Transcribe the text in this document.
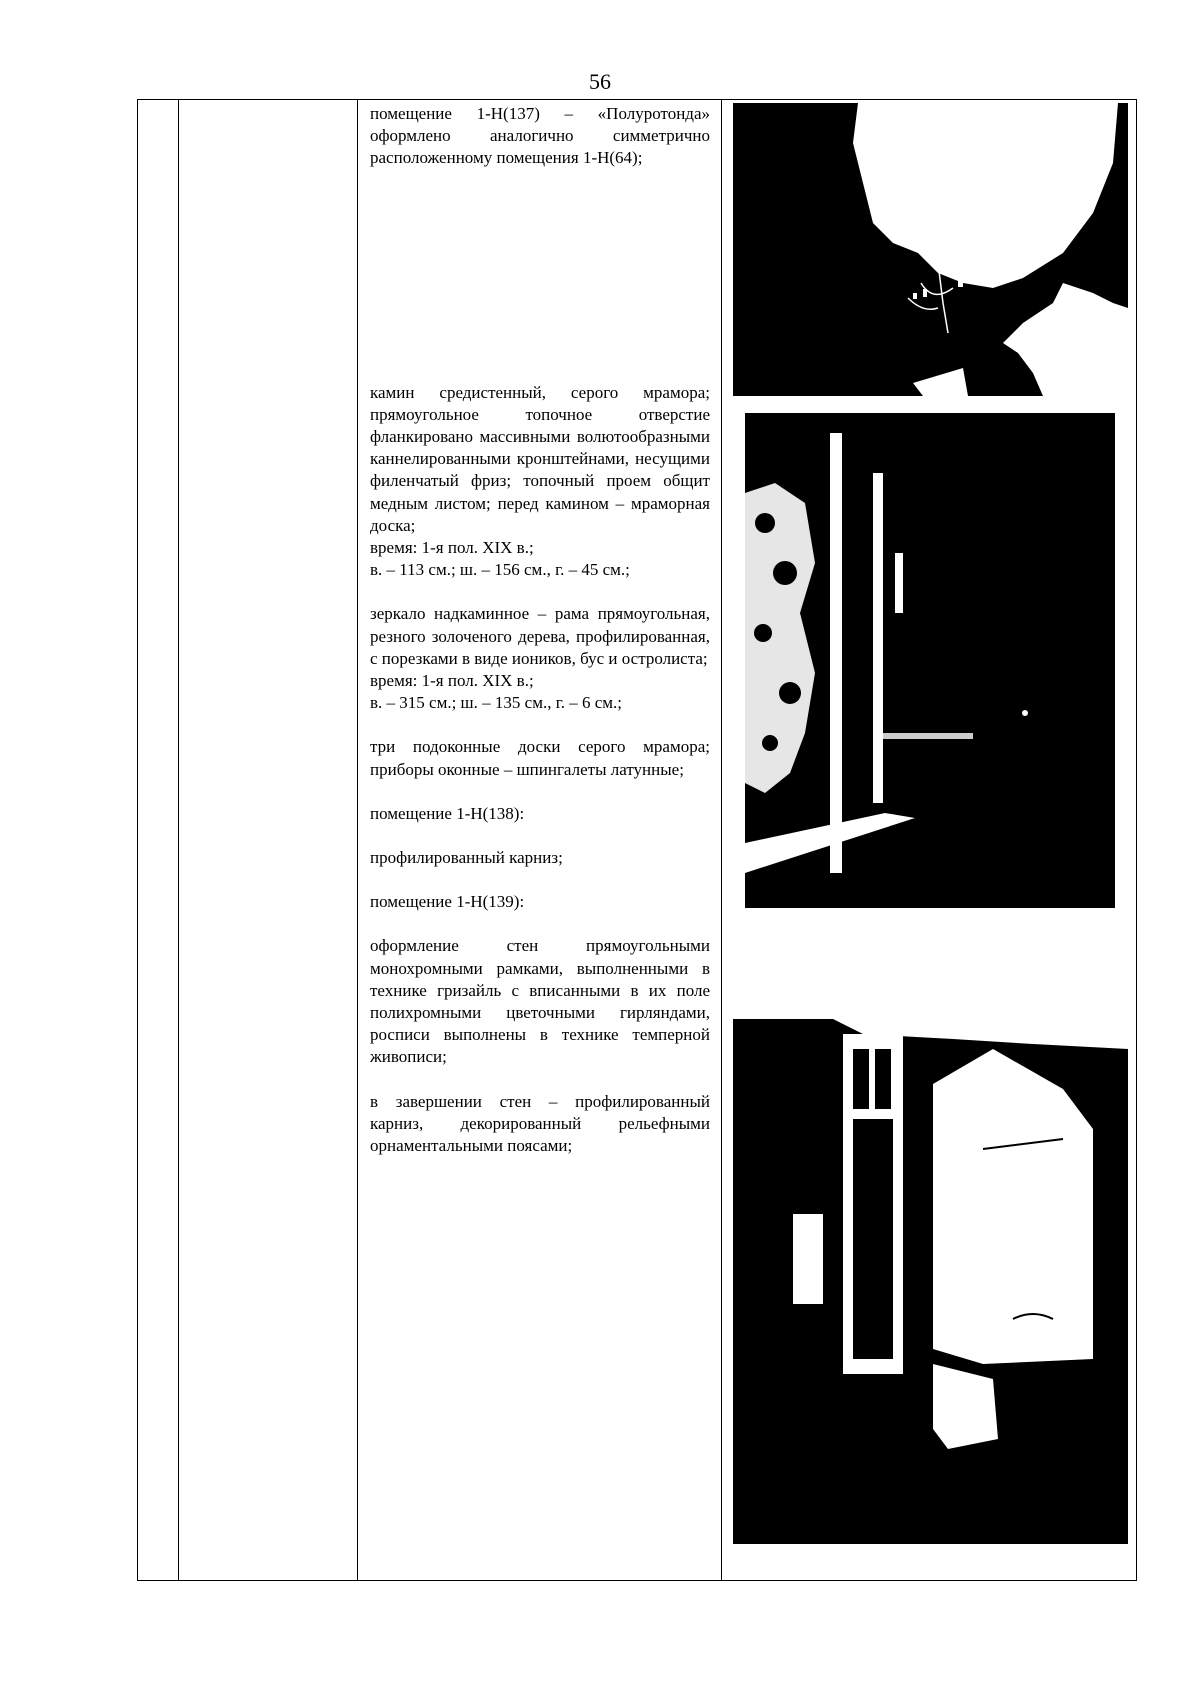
56

помещение 1-Н(137) – «Полуротонда» оформлено аналогично симметрично расположенному помещения 1-Н(64);

камин средистенный, серого мрамора; прямоугольное топочное отверстие фланкировано массивными волютообразными каннелированными кронштейнами, несущими филенчатый фриз; топочный проем общит медным листом; перед камином – мраморная доска;

время: 1-я пол. XIX в.;

в. – 113 см.; ш. – 156 см., г. – 45 см.;

зеркало надкаминное – рама прямоугольная, резного золоченого дерева, профилированная, с порезками в виде иоников, бус и остролиста;

время: 1-я пол. XIX в.;

в. – 315 см.; ш. – 135 см., г. – 6 см.;

три подоконные доски серого мрамора; приборы оконные – шпингалеты латунные;

помещение 1-Н(138):

профилированный карниз;

помещение 1-Н(139):

оформление стен прямоугольными монохромными рамками, выполненными в технике гризайль с вписанными в их поле полихромными цветочными гирляндами, росписи выполнены в технике темперной живописи;

в завершении стен – профилированный карниз, декорированный рельефными орнаментальными поясами;
